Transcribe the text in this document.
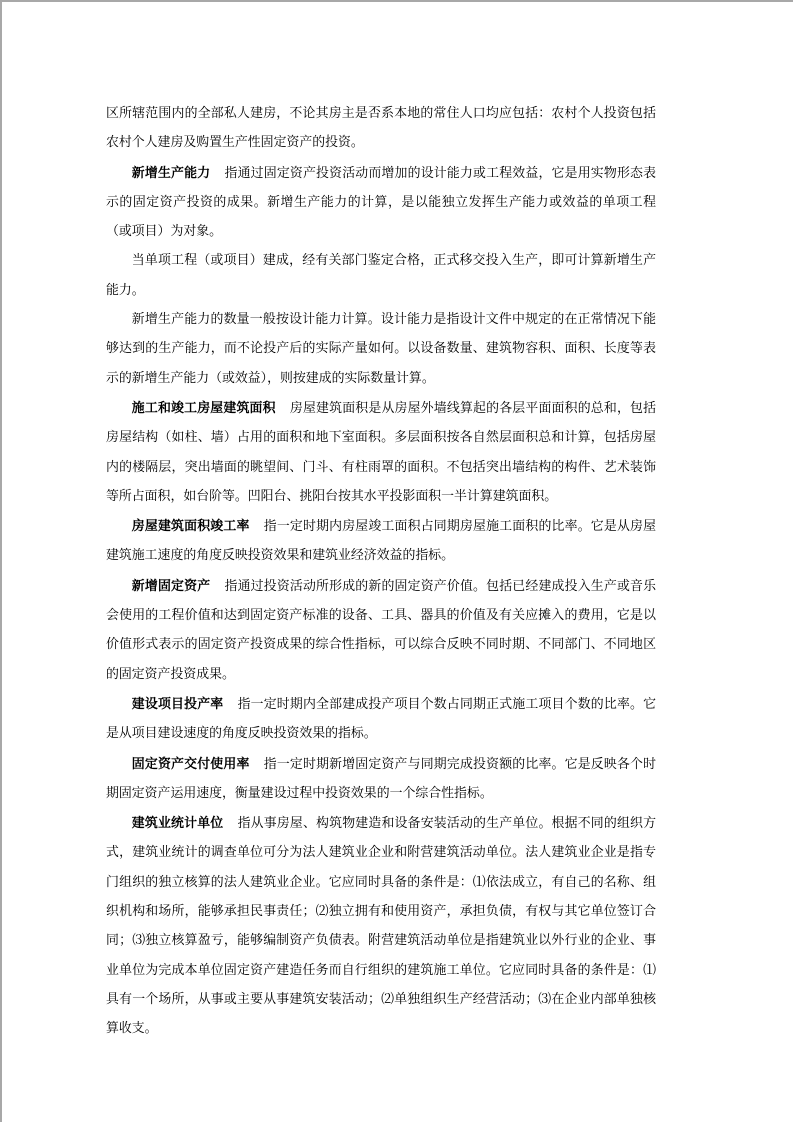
区所辖范围内的全部私人建房，不论其房主是否系本地的常住人口均应包括：农村个人投资包括农村个人建房及购置生产性固定资产的投资。

新增生产能力 指通过固定资产投资活动而增加的设计能力或工程效益，它是用实物形态表示的固定资产投资的成果。新增生产能力的计算，是以能独立发挥生产能力或效益的单项工程（或项目）为对象。

当单项工程（或项目）建成，经有关部门鉴定合格，正式移交投入生产，即可计算新增生产能力。

新增生产能力的数量一般按设计能力计算。设计能力是指设计文件中规定的在正常情况下能够达到的生产能力，而不论投产后的实际产量如何。以设备数量、建筑物容积、面积、长度等表示的新增生产能力（或效益），则按建成的实际数量计算。

施工和竣工房屋建筑面积 房屋建筑面积是从房屋外墙线算起的各层平面面积的总和，包括房屋结构（如柱、墙）占用的面积和地下室面积。多层面积按各自然层面积总和计算，包括房屋内的楼隔层，突出墙面的眺望间、门斗、有柱雨罩的面积。不包括突出墙结构的构件、艺术装饰等所占面积，如台阶等。凹阳台、挑阳台按其水平投影面积一半计算建筑面积。

房屋建筑面积竣工率 指一定时期内房屋竣工面积占同期房屋施工面积的比率。它是从房屋建筑施工速度的角度反映投资效果和建筑业经济效益的指标。

新增固定资产 指通过投资活动所形成的新的固定资产价值。包括已经建成投入生产或音乐会使用的工程价值和达到固定资产标准的设备、工具、器具的价值及有关应摊入的费用，它是以价值形式表示的固定资产投资成果的综合性指标，可以综合反映不同时期、不同部门、不同地区的固定资产投资成果。

建设项目投产率 指一定时期内全部建成投产项目个数占同期正式施工项目个数的比率。它是从项目建设速度的角度反映投资效果的指标。

固定资产交付使用率 指一定时期新增固定资产与同期完成投资额的比率。它是反映各个时期固定资产运用速度，衡量建设过程中投资效果的一个综合性指标。

建筑业统计单位 指从事房屋、构筑物建造和设备安装活动的生产单位。根据不同的组织方式，建筑业统计的调查单位可分为法人建筑业企业和附营建筑活动单位。法人建筑业企业是指专门组织的独立核算的法人建筑业企业。它应同时具备的条件是：⑴依法成立，有自己的名称、组织机构和场所，能够承担民事责任；⑵独立拥有和使用资产，承担负债，有权与其它单位签订合同；⑶独立核算盈亏，能够编制资产负债表。附营建筑活动单位是指建筑业以外行业的企业、事业单位为完成本单位固定资产建造任务而自行组织的建筑施工单位。它应同时具备的条件是：⑴具有一个场所，从事或主要从事建筑安装活动；⑵单独组织生产经营活动；⑶在企业内部单独核算收支。
